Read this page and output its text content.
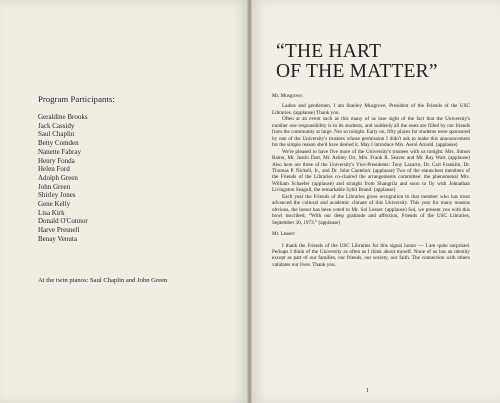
Program Participants:
Geraldine Brooks
Jack Cassidy
Saul Chaplin
Betty Comden
Nanette Fabray
Henry Fonda
Helen Ford
Adolph Green
John Green
Shirley Jones
Gene Kelly
Lisa Kirk
Donald O'Connor
Harve Presnell
Benay Venuta
At the twin pianos: Saul Chaplin and John Green
“THE HART
OF THE MATTER”

Mr. Musgrove:

Ladies and gentlemen, I am Stanley Musgrove, President of the Friends of the USC Libraries. (applause) Thank you.

Often at an event such as this many of us lose sight of the fact that the University's number one responsibility is to its students, and suddenly all the seats are filled by our friends from the community at large. Not so tonight. Early on, fifty places for students were sponsored by one of the University's trustees whose permission I didn't ask to make this announcement for the simple reason she'd have denied it. May I introduce Mrs. Aerol Arnold. (applause)

We're pleased to have five more of the University's trustees with us tonight: Mrs. Simon Ramo, Mr. Justin Dart, Mr. Ashley Orr, Mrs. Frank R. Seaver and Mr. Ray Watt. (applause) Also here are three of the University's Vice-Presidents: Tony Lazarro, Dr. Carl Franklin, Dr. Thomas P. Nickell, Jr., and Dr. John Cantelon. (applause) Two of the staunchest members of the Friends of the Libraries co-chaired the arrangements committee: the phenomenal Mrs. William Schaefer (applause) and straight from Shangrila and soon to fly with Johnathan Livingston Seagull, the remarkable Sybil Brand. (applause)

Each year the Friends of the Libraries gives recognition to that member who has most advanced the cultural and academic climate of this University. This year for many reasons obvious, the honor has been voted to Mr. Sol Lesser. (applause) Sol, we present you with this bowl inscribed, “With our deep gratitude and affection, Friends of the USC Libraries, September 30, 1973.” (applause)

Mr. Lesser:

I thank the Friends of the USC Libraries for this signal honor — I am quite surprised. Perhaps I think of the University as often as I think about myself. None of us has an identity except as part of our families, our friends, our society, our faith. The connection with others validates our lives. Thank you.

1
